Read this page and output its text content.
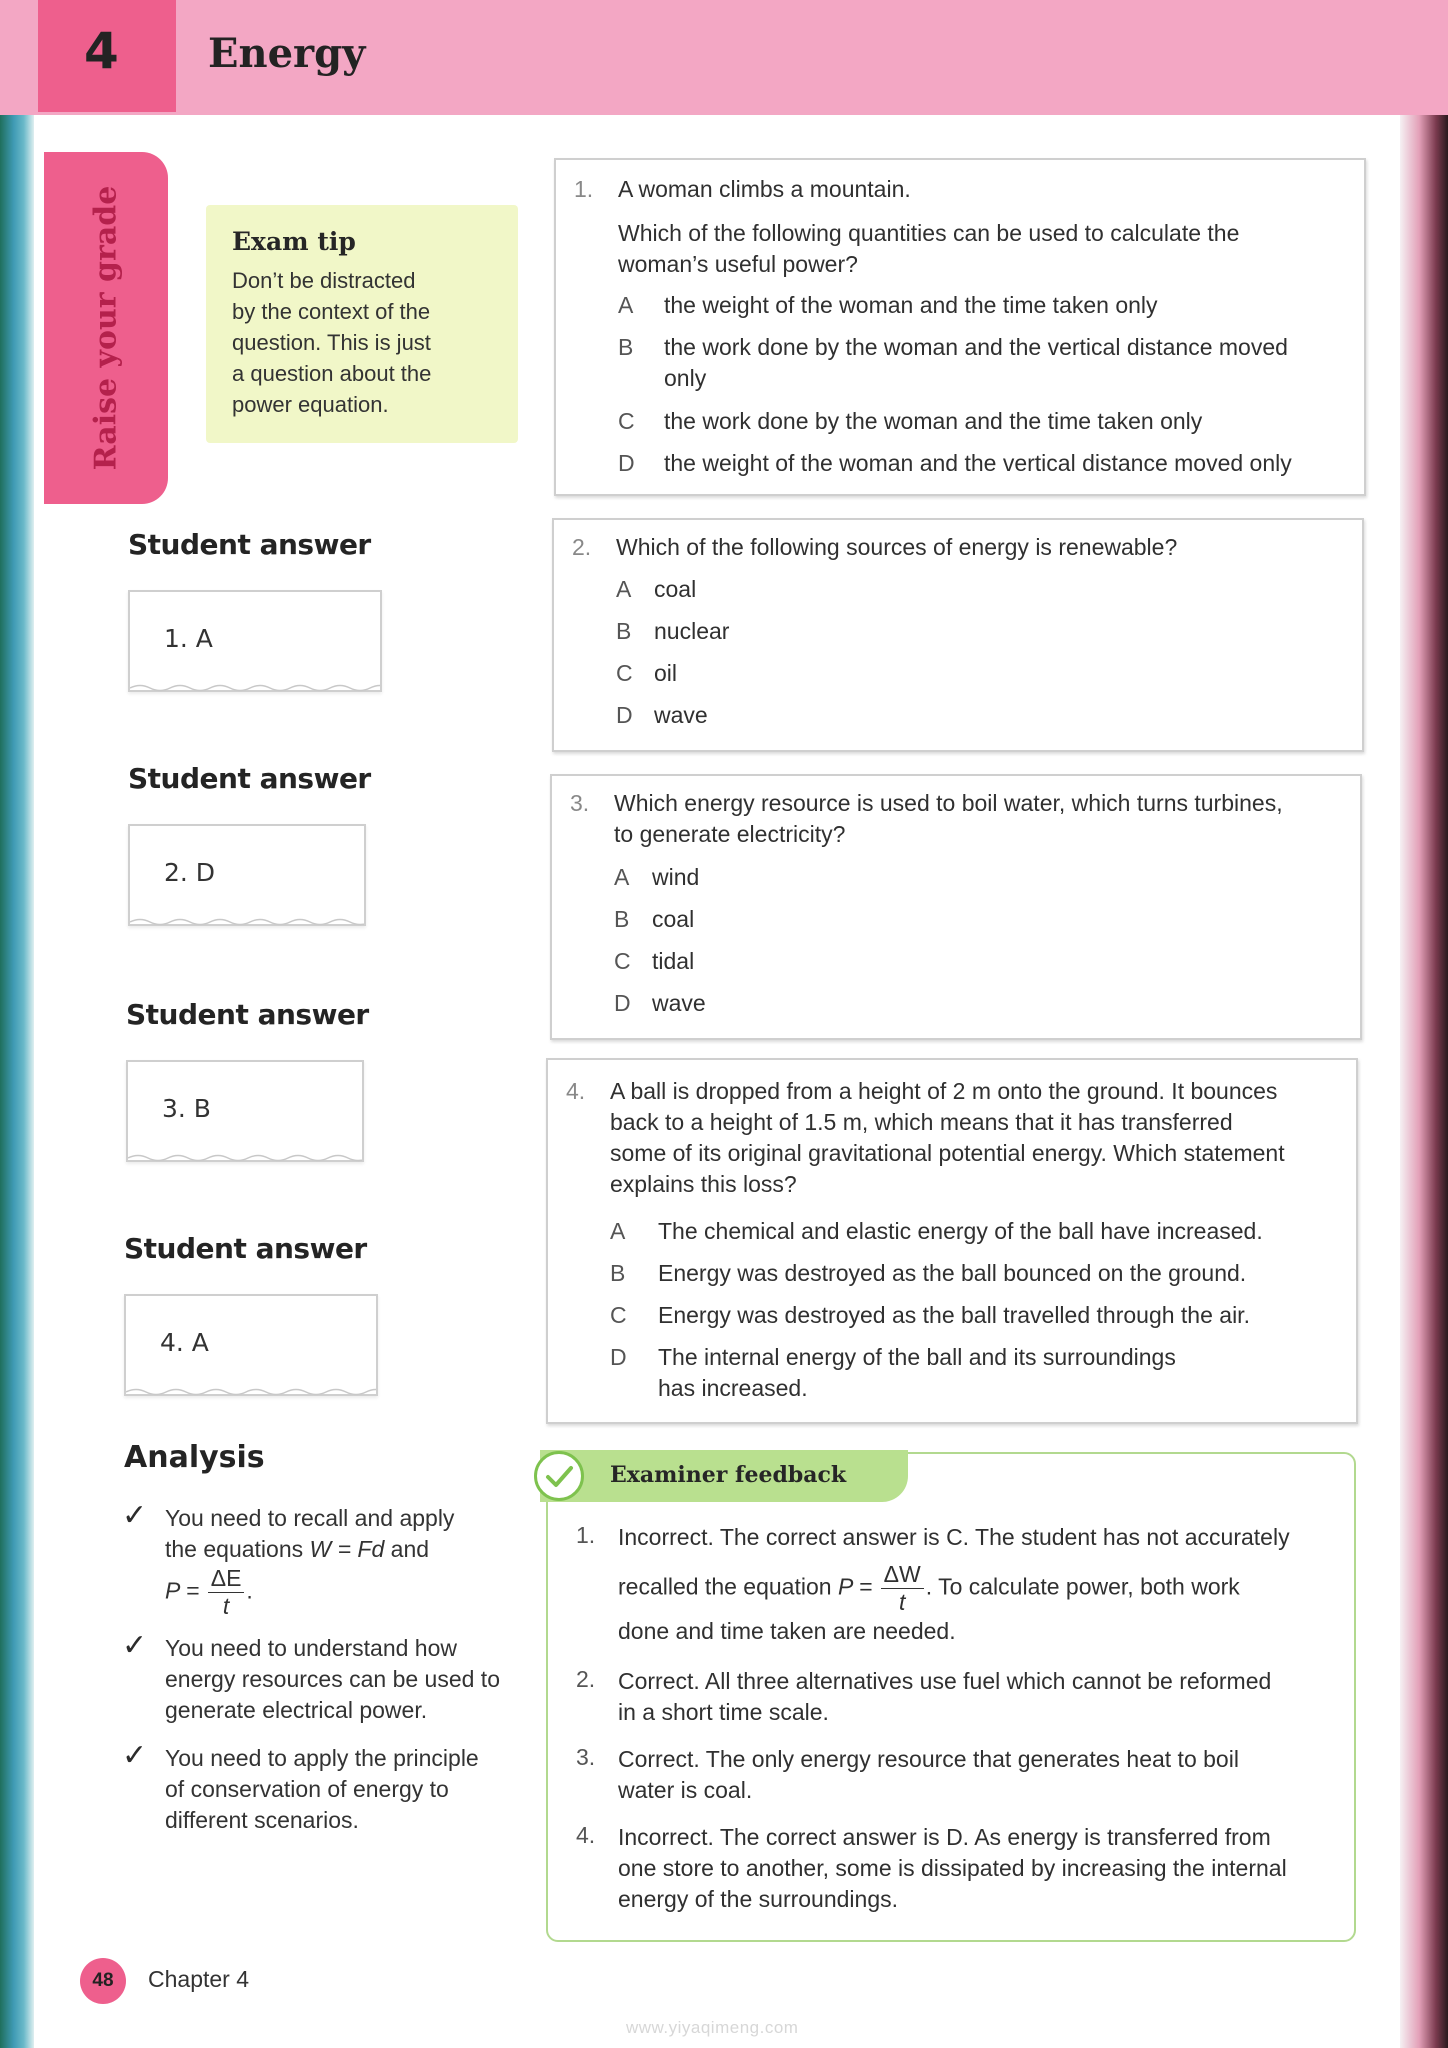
4 Energy
Raise your grade	Exam tip
Don’t be distracted
by the context of the
question. This is just
a question about the
power equation.
Student answer
1. A
Student answer
2. D
Student answer
3. B
Student answer
4. A
1. A woman climbs a mountain.
Which of the following quantities can be used to calculate the
woman’s useful power?
A the weight of the woman and the time taken only
B the work done by the woman and the vertical distance moved
only
C the work done by the woman and the time taken only
D the weight of the woman and the vertical distance moved only
2. Which of the following sources of energy is renewable?
A coal
B nuclear
C oil
D wave
3. Which energy resource is used to boil water, which turns turbines,
to generate electricity?
A wind
B coal
C tidal
D wave
4. A ball is dropped from a height of 2 m onto the ground. It bounces
back to a height of 1.5 m, which means that it has transferred
some of its original gravitational potential energy. Which statement
explains this loss?
A The chemical and elastic energy of the ball have increased.
B Energy was destroyed as the ball bounced on the ground.
C Energy was destroyed as the ball travelled through the air.
D The internal energy of the ball and its surroundings
has increased.
Analysis
✓ You need to recall and apply
the equations W = Fd and
$P = \frac{\Delta E}{t}$ .
✓ You need to understand how
energy resources can be used to
generate electrical power.
✓ You need to apply the principle
of conservation of energy to
different scenarios.
Examiner feedback
1. Incorrect. The correct answer is C. The student has not accurately
recalled the equation $P = \frac{\Delta W}{t}$ . To calculate power, both work
done and time taken are needed.
2. Correct. All three alternatives use fuel which cannot be reformed
in a short time scale.
3. Correct. The only energy resource that generates heat to boil
water is coal.
4. Incorrect. The correct answer is D. As energy is transferred from
one store to another, some is dissipated by increasing the internal
energy of the surroundings.
48	Chapter 4
www.yiyaqimeng.com
